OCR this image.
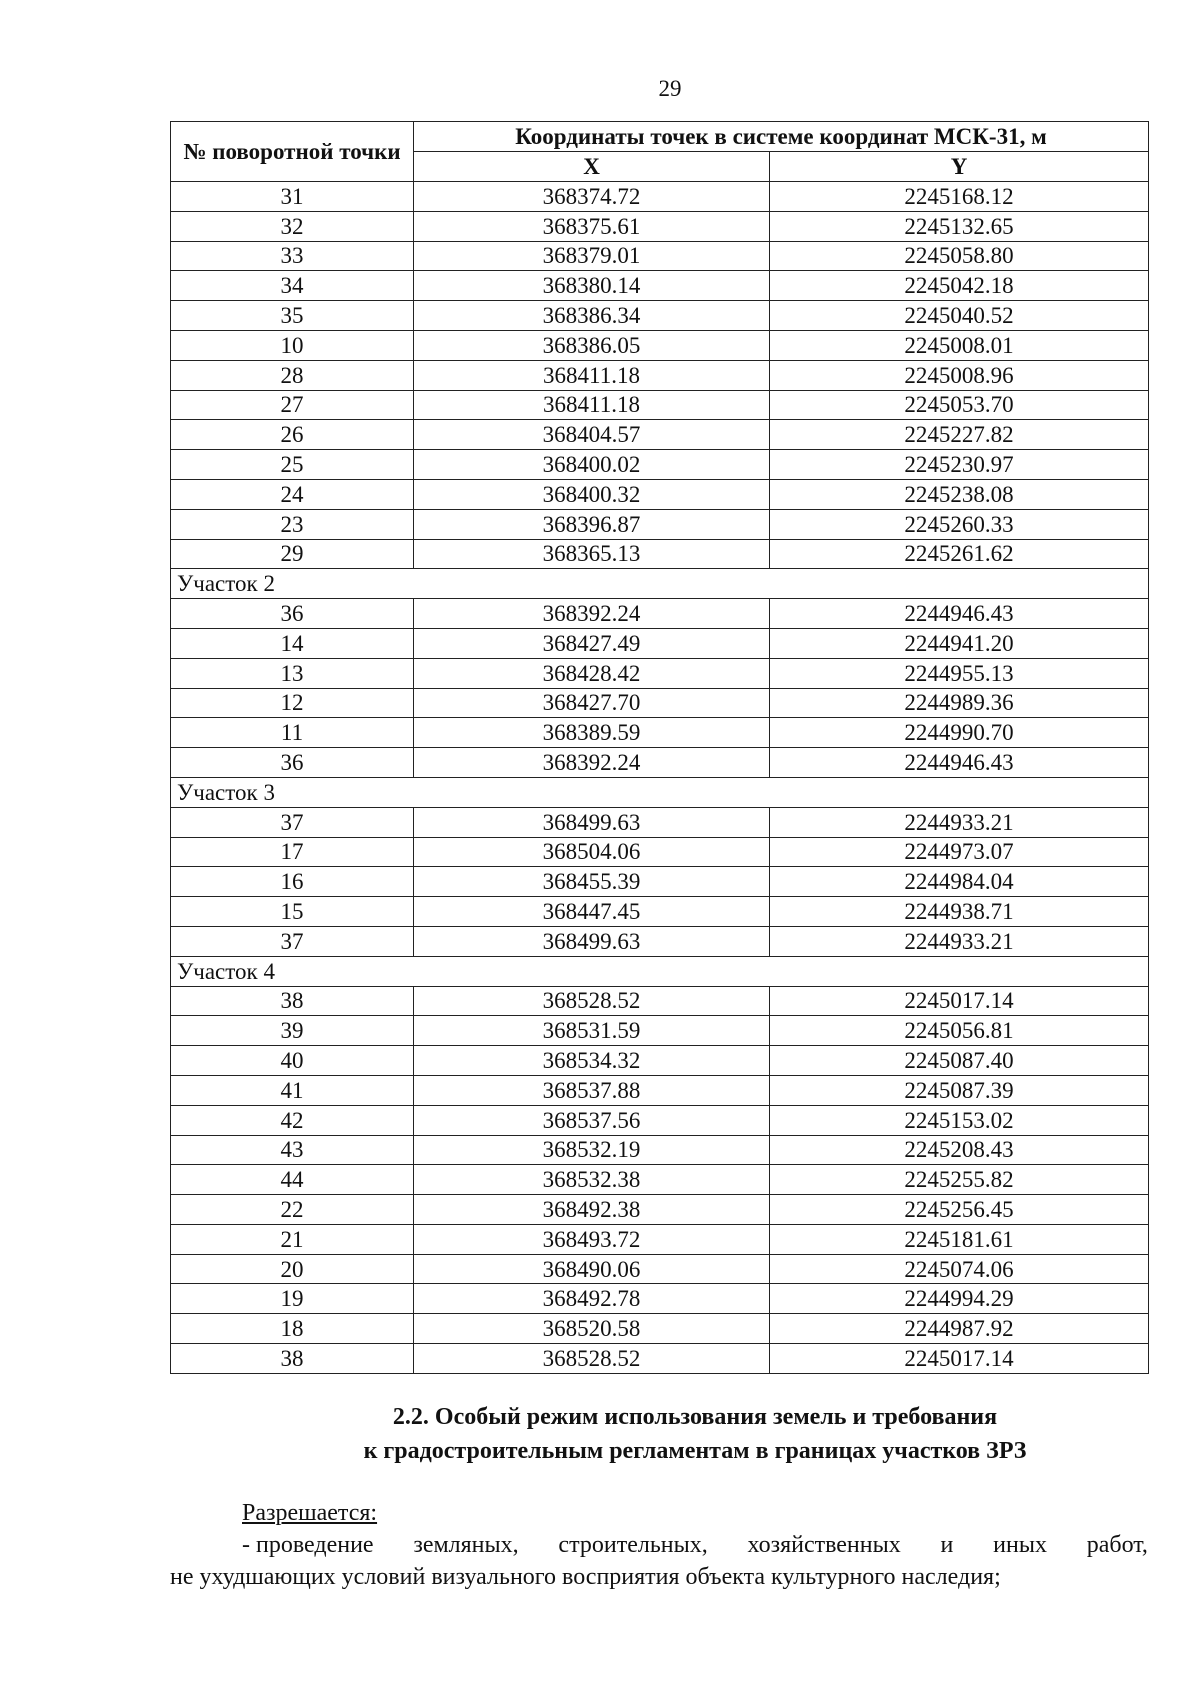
29
№ поворотной точки	Координаты точек в системе координат МСК-31, м	
	X	Y
31	368374.72	2245168.12
32	368375.61	2245132.65
33	368379.01	2245058.80
34	368380.14	2245042.18
35	368386.34	2245040.52
10	368386.05	2245008.01
28	368411.18	2245008.96
27	368411.18	2245053.70
26	368404.57	2245227.82
25	368400.02	2245230.97
24	368400.32	2245238.08
23	368396.87	2245260.33
29	368365.13	2245261.62
Участок 2		
36	368392.24	2244946.43
14	368427.49	2244941.20
13	368428.42	2244955.13
12	368427.70	2244989.36
11	368389.59	2244990.70
36	368392.24	2244946.43
Участок 3		
37	368499.63	2244933.21
17	368504.06	2244973.07
16	368455.39	2244984.04
15	368447.45	2244938.71
37	368499.63	2244933.21
Участок 4		
38	368528.52	2245017.14
39	368531.59	2245056.81
40	368534.32	2245087.40
41	368537.88	2245087.39
42	368537.56	2245153.02
43	368532.19	2245208.43
44	368532.38	2245255.82
22	368492.38	2245256.45
21	368493.72	2245181.61
20	368490.06	2245074.06
19	368492.78	2244994.29
18	368520.58	2244987.92
38	368528.52	2245017.14
2.2. Особый режим использования земель и требования
к градостроительным регламентам в границах участков ЗРЗ
Разрешается:
- проведение земляных, строительных, хозяйственных и иных работ,
не ухудшающих условий визуального восприятия объекта культурного наследия;
